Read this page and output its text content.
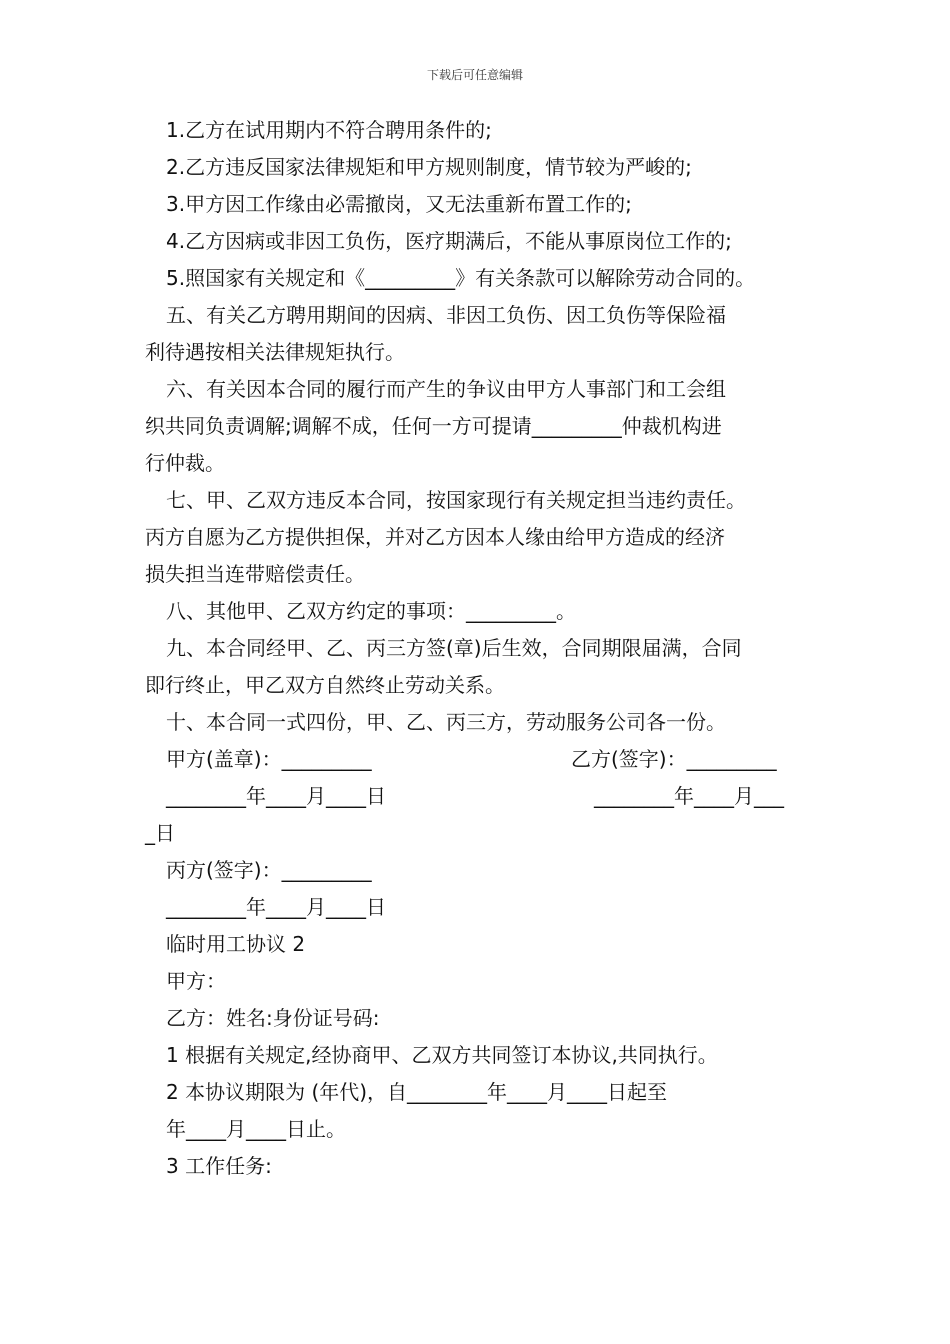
下载后可任意编辑
1.乙方在试用期内不符合聘用条件的;
2.乙方违反国家法律规矩和甲方规则制度，情节较为严峻的;
3.甲方因工作缘由必需撤岗，又无法重新布置工作的;
4.乙方因病或非因工负伤，医疗期满后，不能从事原岗位工作的;
5.照国家有关规定和《_________》有关条款可以解除劳动合同的。
五、有关乙方聘用期间的因病、非因工负伤、因工负伤等保险福
利待遇按相关法律规矩执行。
六、有关因本合同的履行而产生的争议由甲方人事部门和工会组
织共同负责调解;调解不成，任何一方可提请_________仲裁机构进
行仲裁。
七、甲、乙双方违反本合同，按国家现行有关规定担当违约责任。
丙方自愿为乙方提供担保，并对乙方因本人缘由给甲方造成的经济
损失担当连带赔偿责任。
八、其他甲、乙双方约定的事项：_________。
九、本合同经甲、乙、丙三方签(章)后生效，合同期限届满，合同
即行终止，甲乙双方自然终止劳动关系。
十、本合同一式四份，甲、乙、丙三方，劳动服务公司各一份。
甲方(盖章)：_________	乙方(签字)：_________
________年____月____日	________年____月___
_日
丙方(签字)：_________
________年____月____日
临时用工协议 2
甲方：
乙方：姓名:身份证号码:
1 根据有关规定,经协商甲、乙双方共同签订本协议,共同执行。
2 本协议期限为 (年代)，自________年____月____日起至
年____月____日止。
3 工作任务:
